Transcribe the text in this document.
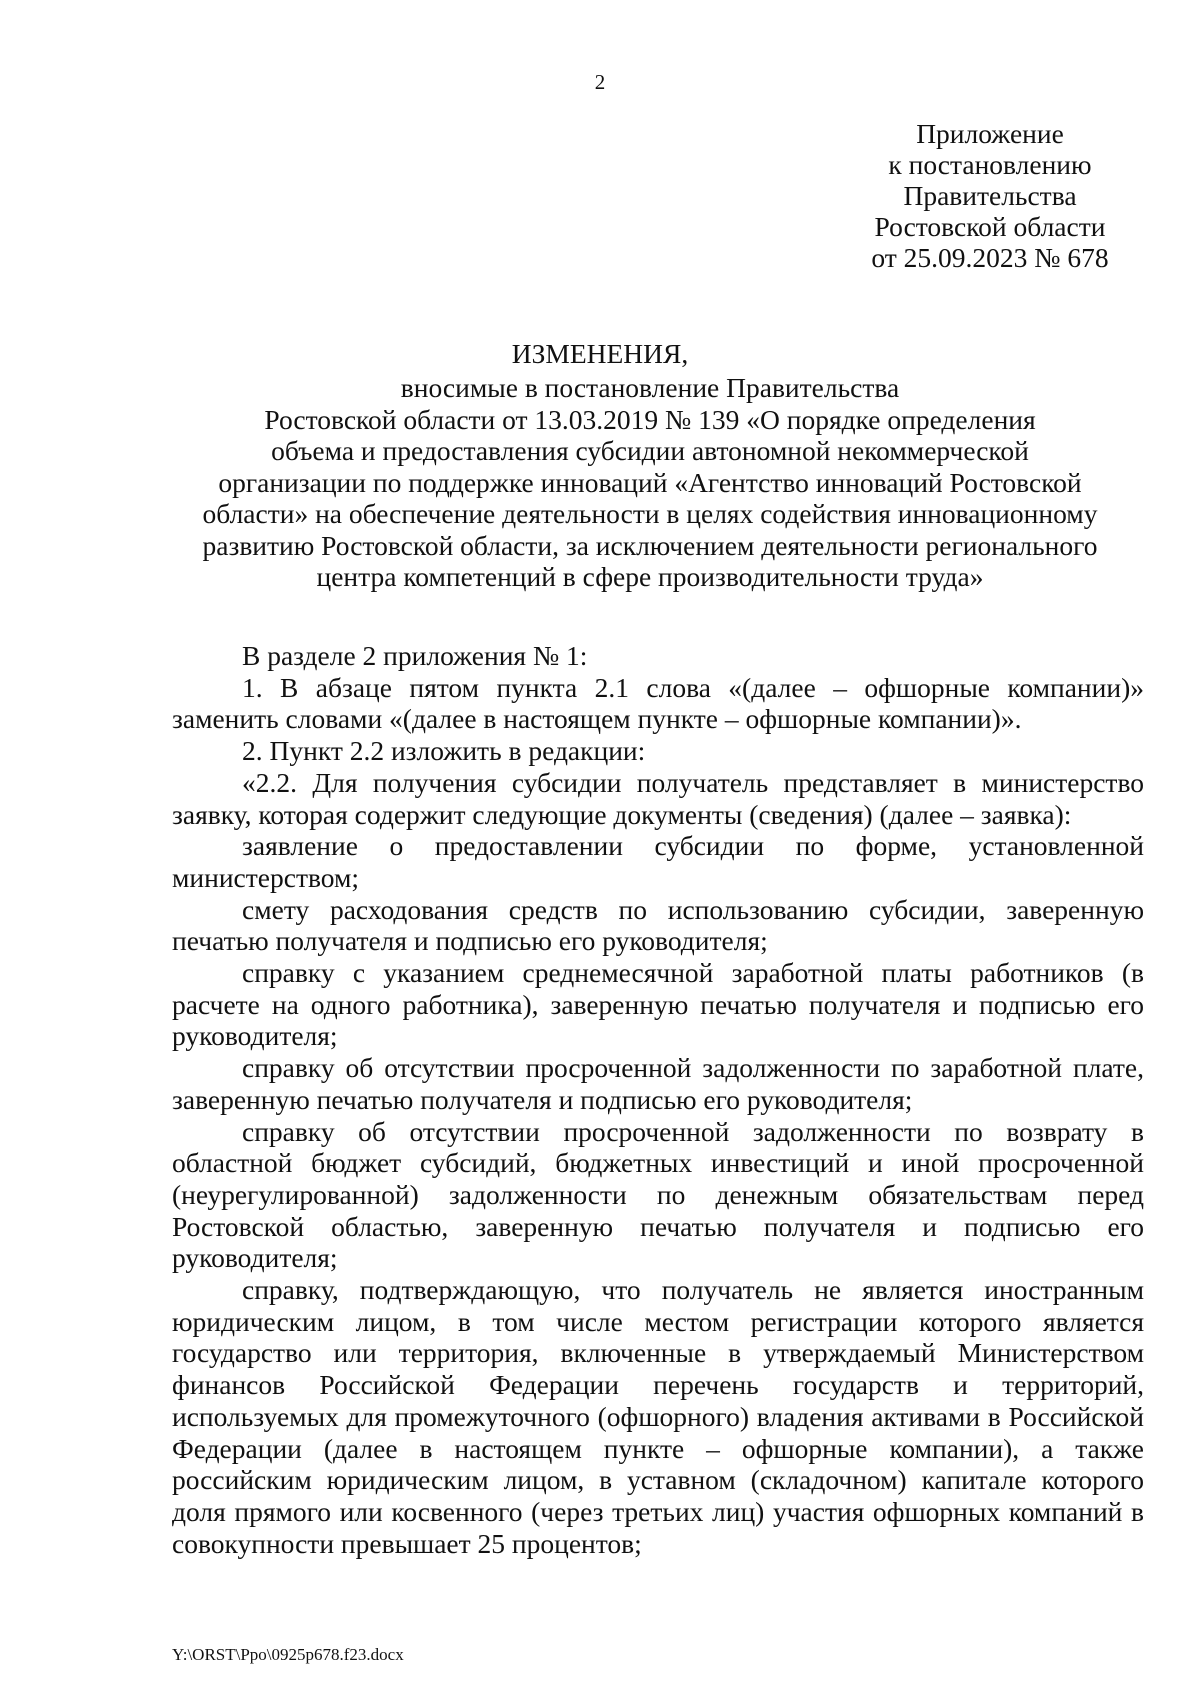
2
Приложение
к постановлению
Правительства
Ростовской области
от 25.09.2023 № 678
ИЗМЕНЕНИЯ,
вносимые в постановление Правительства
Ростовской области от 13.03.2019 № 139 «О порядке определения
объема и предоставления субсидии автономной некоммерческой
организации по поддержке инноваций «Агентство инноваций Ростовской
области» на обеспечение деятельности в целях содействия инновационному
развитию Ростовской области, за исключением деятельности регионального
центра компетенций в сфере производительности труда»

В разделе 2 приложения № 1:

1. В абзаце пятом пункта 2.1 слова «(далее – офшорные компании)» заменить словами «(далее в настоящем пункте – офшорные компании)».

2. Пункт 2.2 изложить в редакции:

«2.2. Для получения субсидии получатель представляет в министерство заявку, которая содержит следующие документы (сведения) (далее – заявка):

заявление о предоставлении субсидии по форме, установленной министерством;

смету расходования средств по использованию субсидии, заверенную печатью получателя и подписью его руководителя;

справку с указанием среднемесячной заработной платы работников (в расчете на одного работника), заверенную печатью получателя и подписью его руководителя;

справку об отсутствии просроченной задолженности по заработной плате, заверенную печатью получателя и подписью его руководителя;

справку об отсутствии просроченной задолженности по возврату в областной бюджет субсидий, бюджетных инвестиций и иной просроченной (неурегулированной) задолженности по денежным обязательствам перед Ростовской областью, заверенную печатью получателя и подписью его руководителя;

справку, подтверждающую, что получатель не является иностранным юридическим лицом, в том числе местом регистрации которого является государство или территория, включенные в утверждаемый Министерством финансов Российской Федерации перечень государств и территорий, используемых для промежуточного (офшорного) владения активами в Российской Федерации (далее в настоящем пункте – офшорные компании), а также российским юридическим лицом, в уставном (складочном) капитале которого доля прямого или косвенного (через третьих лиц) участия офшорных компаний в совокупности превышает 25 процентов;

Y:\ORST\Ppo\0925p678.f23.docx
